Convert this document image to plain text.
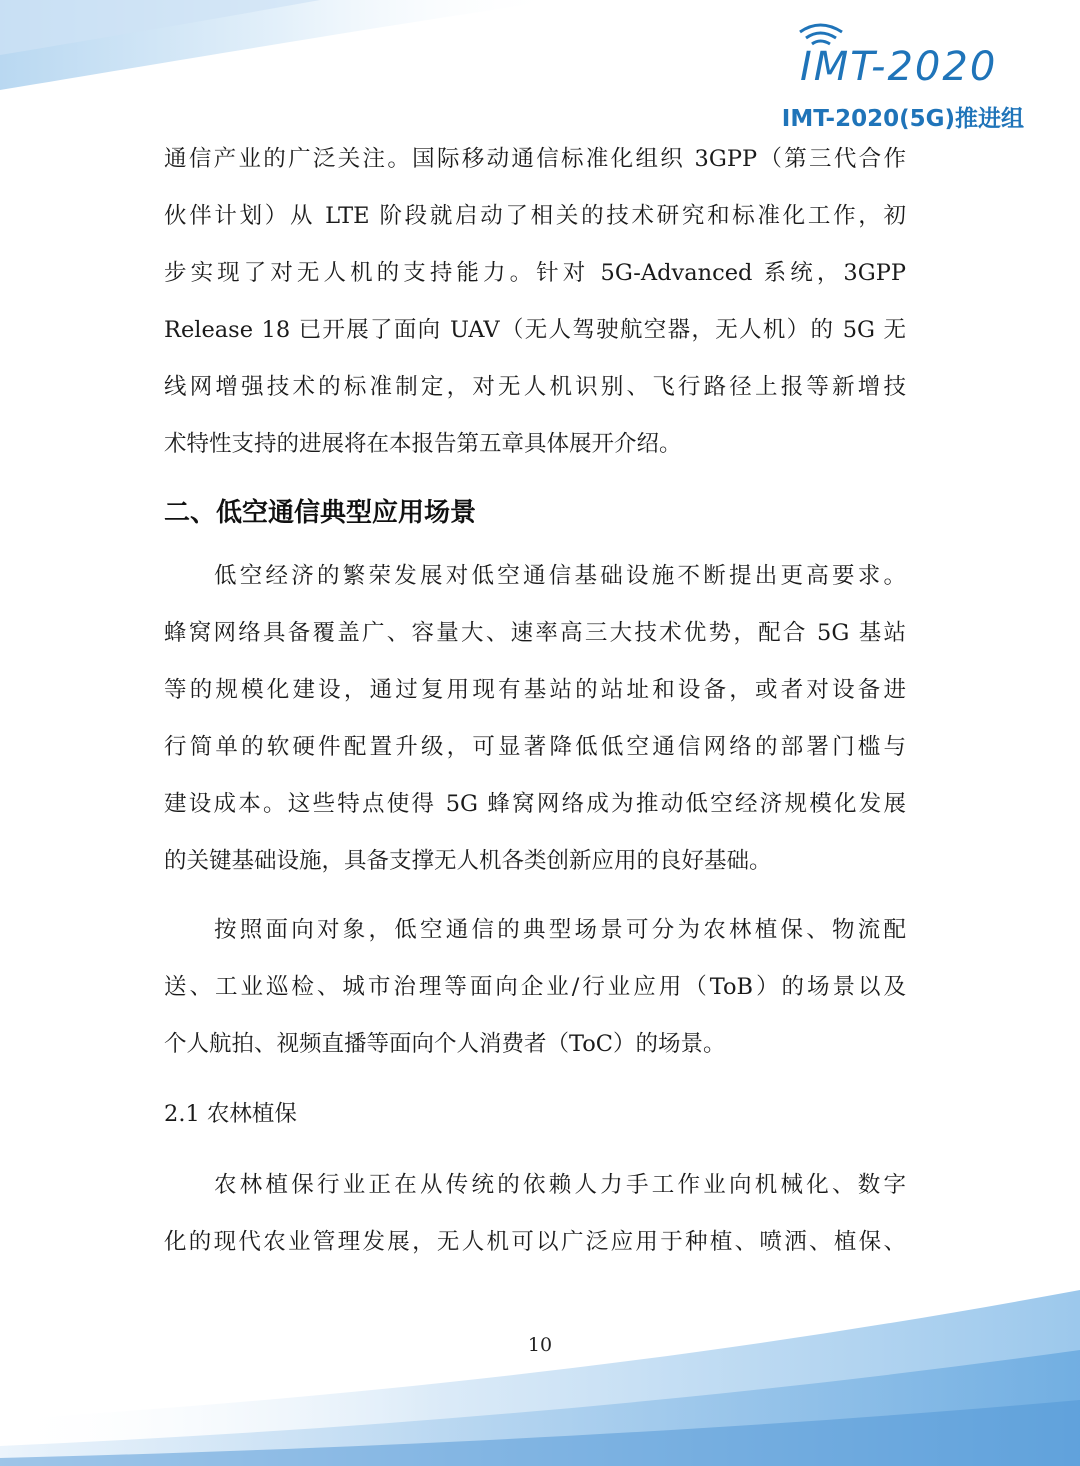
IMT-2020
IMT-2020(5G)推进组

通信产业的广泛关注。国际移动通信标准化组织 3GPP（第三代合作
伙伴计划）从 LTE 阶段就启动了相关的技术研究和标准化工作，初
步实现了对无人机的支持能力。针对 5G-Advanced 系统，3GPP
Release 18 已开展了面向 UAV（无人驾驶航空器，无人机）的 5G 无
线网增强技术的标准制定，对无人机识别、飞行路径上报等新增技
术特性支持的进展将在本报告第五章具体展开介绍。

二、低空通信典型应用场景

低空经济的繁荣发展对低空通信基础设施不断提出更高要求。
蜂窝网络具备覆盖广、容量大、速率高三大技术优势，配合 5G 基站
等的规模化建设，通过复用现有基站的站址和设备，或者对设备进
行简单的软硬件配置升级，可显著降低低空通信网络的部署门槛与
建设成本。这些特点使得 5G 蜂窝网络成为推动低空经济规模化发展
的关键基础设施，具备支撑无人机各类创新应用的良好基础。

按照面向对象，低空通信的典型场景可分为农林植保、物流配
送、工业巡检、城市治理等面向企业/行业应用（ToB）的场景以及
个人航拍、视频直播等面向个人消费者（ToC）的场景。

2.1 农林植保

农林植保行业正在从传统的依赖人力手工作业向机械化、数字
化的现代农业管理发展，无人机可以广泛应用于种植、喷洒、植保、

10
